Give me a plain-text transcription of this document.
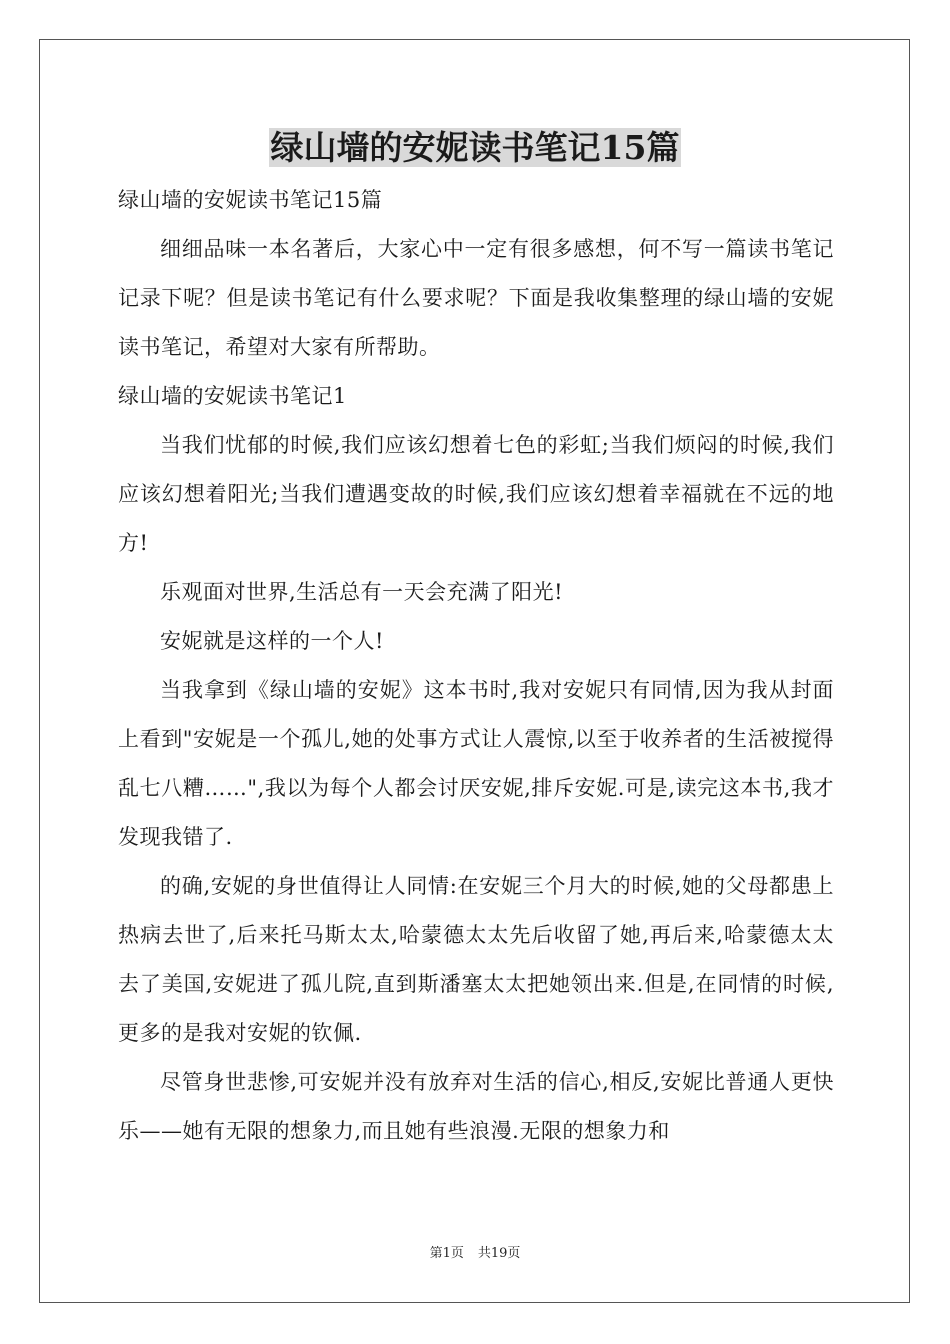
绿山墙的安妮读书笔记15篇

绿山墙的安妮读书笔记15篇

细细品味一本名著后，大家心中一定有很多感想，何不写一篇读书笔记记录下呢？但是读书笔记有什么要求呢？下面是我收集整理的绿山墙的安妮读书笔记，希望对大家有所帮助。

绿山墙的安妮读书笔记1

当我们忧郁的时候,我们应该幻想着七色的彩虹;当我们烦闷的时候,我们应该幻想着阳光;当我们遭遇变故的时候,我们应该幻想着幸福就在不远的地方!

乐观面对世界,生活总有一天会充满了阳光!

安妮就是这样的一个人!

当我拿到《绿山墙的安妮》这本书时,我对安妮只有同情,因为我从封面上看到"安妮是一个孤儿,她的处事方式让人震惊,以至于收养者的生活被搅得乱七八糟……",我以为每个人都会讨厌安妮,排斥安妮.可是,读完这本书,我才发现我错了.

的确,安妮的身世值得让人同情:在安妮三个月大的时候,她的父母都患上热病去世了,后来托马斯太太,哈蒙德太太先后收留了她,再后来,哈蒙德太太去了美国,安妮进了孤儿院,直到斯潘塞太太把她领出来.但是,在同情的时候,更多的是我对安妮的钦佩.

尽管身世悲惨,可安妮并没有放弃对生活的信心,相反,安妮比普通人更快乐——她有无限的想象力,而且她有些浪漫.无限的想象力和

第1页 共19页
